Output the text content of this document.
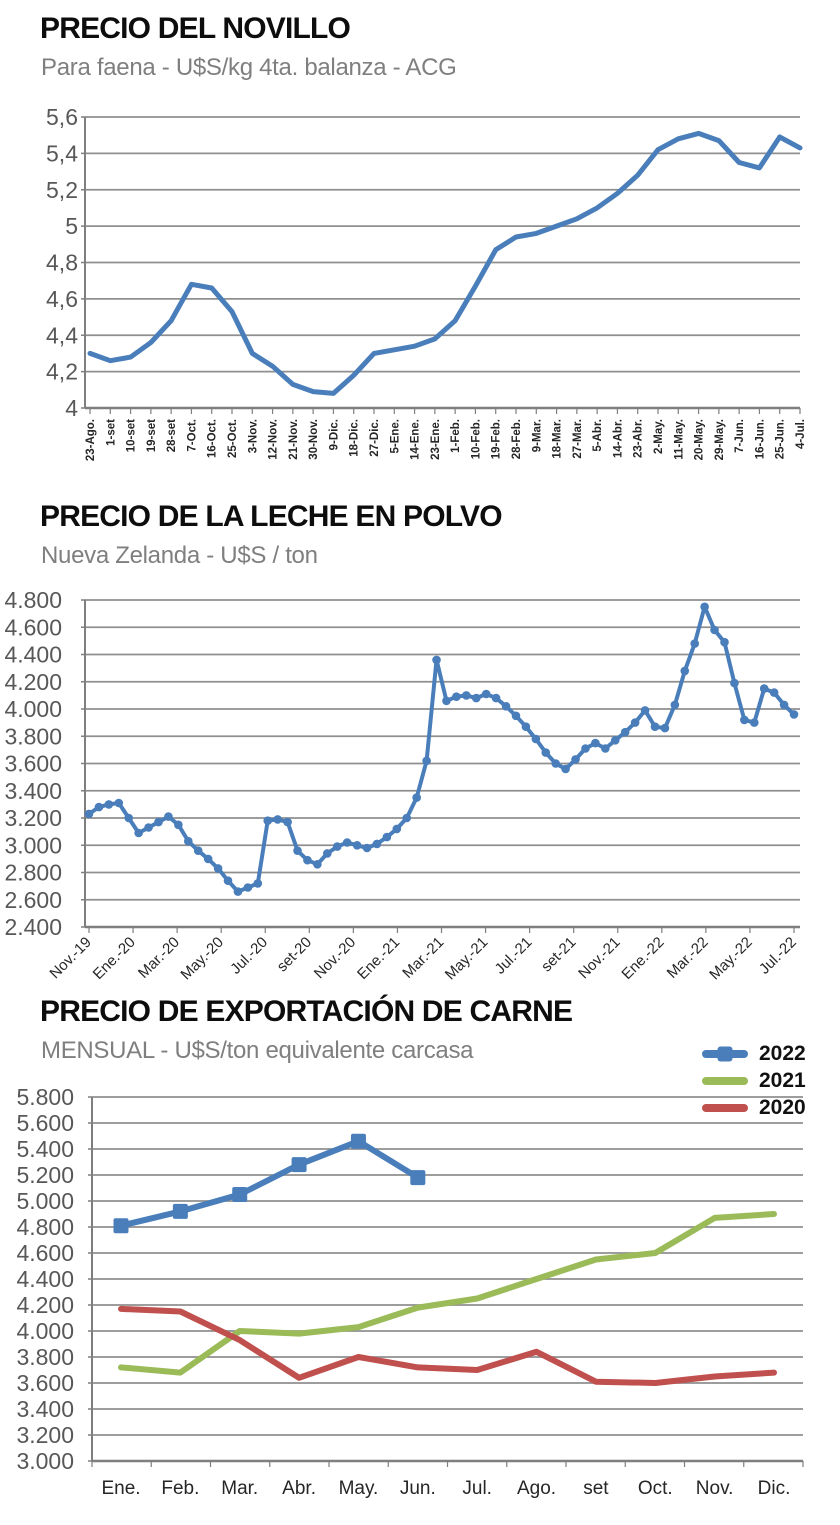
PRECIO DEL NOVILLO
Para faena - U$S/kg 4ta. balanza - ACG
5,6
5,4
5,2
5
4,8
4,6
4,4
4,2
4
23-Ago. 1-set 10-set 19-set 28-set 7-Oct. 16-Oct. 25-Oct. 3-Nov. 12-Nov. 21-Nov. 30-Nov. 9-Dic. 18-Dic. 27-Dic. 5-Ene. 14-Ene. 23-Ene. 1-Feb. 10-Feb. 19-Feb. 28-Feb. 9-Mar. 18-Mar. 27-Mar. 5-Abr. 14-Abr. 23-Abr. 2-May. 11-May. 20-May. 29-May. 7-Jun. 16-Jun. 25-Jun. 4-Jul.
PRECIO DE LA LECHE EN POLVO
Nueva Zelanda - U$S / ton
4.800
4.600
4.400
4.200
4.000
3.800
3.600
3.400
3.200
3.000
2.800
2.600
2.400
Nov.-19
Ene.-20
Mar.-20
May.-20 Jul.-20 set-20
Nov.-20
Ene.-21
Mar.-21
May.-21 Jul.-21 set-21
Nov.-21
Ene.-22
Mar.-22
May.-22 Jul.-22
PRECIO DE EXPORTACIÓN DE CARNE
MENSUAL - U$S/ton equivalente carcasa	2022
2021
2020
5.800
5.600
5.400
5.200
5.000
4.800
4.600
4.400
4.200
4.000
3.800
3.600
3.400
3.200
3.000
Ene. Feb. Mar. Abr. May. Jun. Jul. Ago. set Oct. Nov. Dic.
